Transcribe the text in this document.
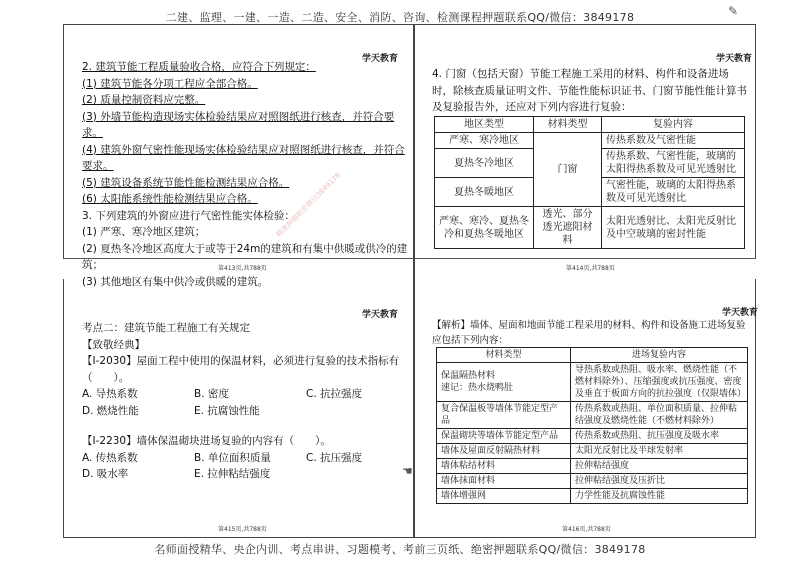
二建、监理、一建、一造、二造、安全、消防、咨询、检测课程押题联系QQ/微信：3849178	✎
学天教育
2. 建筑节能工程质量验收合格，应符合下列规定：
(1) 建筑节能各分项工程应全部合格。
(2) 质量控制资料应完整。
(3) 外墙节能构造现场实体检验结果应对照图纸进行核查，并符合要求。
(4) 建筑外窗气密性能现场实体检验结果应对照图纸进行核查，并符合要求。
(5) 建筑设备系统节能性能检测结果应合格。
(6) 太阳能系统性能检测结果应合格。
3. 下列建筑的外窗应进行气密性能实体检验：
(1) 严寒、寒冷地区建筑；
(2) 夏热冬冷地区高度大于或等于24m的建筑和有集中供暖或供冷的建筑；
(3) 其他地区有集中供冷或供暖的建筑。
精准押题联系微信3849178
第413页,共788页
学天教育
4. 门窗（包括天窗）节能工程施工采用的材料、构件和设备进场时，除核查质量证明文件、节能性能标识证书、门窗节能性能计算书及复验报告外，还应对下列内容进行复验：
地区类型	材料类型	复验内容
严寒、寒冷地区	门窗	传热系数及气密性能
夏热冬冷地区		传热系数、气密性能，玻璃的太阳得热系数及可见光透射比
夏热冬暖地区		气密性能，玻璃的太阳得热系数及可见光透射比
严寒、寒冷、夏热冬冷和夏热冬暖地区	透光、部分透光遮阳材料	太阳光透射比、太阳光反射比及中空玻璃的密封性能
第414页,共788页
学天教育
考点二：建筑节能工程施工有关规定
【致敬经典】
【Ⅰ-2030】屋面工程中使用的保温材料，必须进行复验的技术指标有（　　）。
A. 导热系数	B. 密度	C. 抗拉强度
D. 燃烧性能	E. 抗腐蚀性能
【Ⅰ-2230】墙体保温砌块进场复验的内容有（　　）。
A. 传热系数	B. 单位面积质量	C. 抗压强度
D. 吸水率	E. 拉伸粘结强度	☚
第415页,共788页
学天教育
【解析】墙体、屋面和地面节能工程采用的材料、构件和设备施工进场复验应包括下列内容：
材料类型	进场复验内容
保温隔热材料
速记：热水烧鸭肚	导热系数或热阻、吸水率、燃烧性能（不燃材料除外）、压缩强度或抗压强度、密度及垂直于板面方向的抗拉强度（仅限墙体）
复合保温板等墙体节能定型产品	传热系数或热阻、单位面积质量、拉伸粘结强度及燃烧性能（不燃材料除外）
保温砌块等墙体节能定型产品	传热系数或热阻、抗压强度及吸水率
墙体及屋面反射隔热材料	太阳光反射比及半球发射率
墙体粘结材料	拉伸粘结强度
墙体抹面材料	拉伸粘结强度及压折比
墙体增强网	力学性能及抗腐蚀性能
第416页,共788页
名师面授精华、央企内训、考点串讲、习题模考、考前三页纸、绝密押题联系QQ/微信：3849178
